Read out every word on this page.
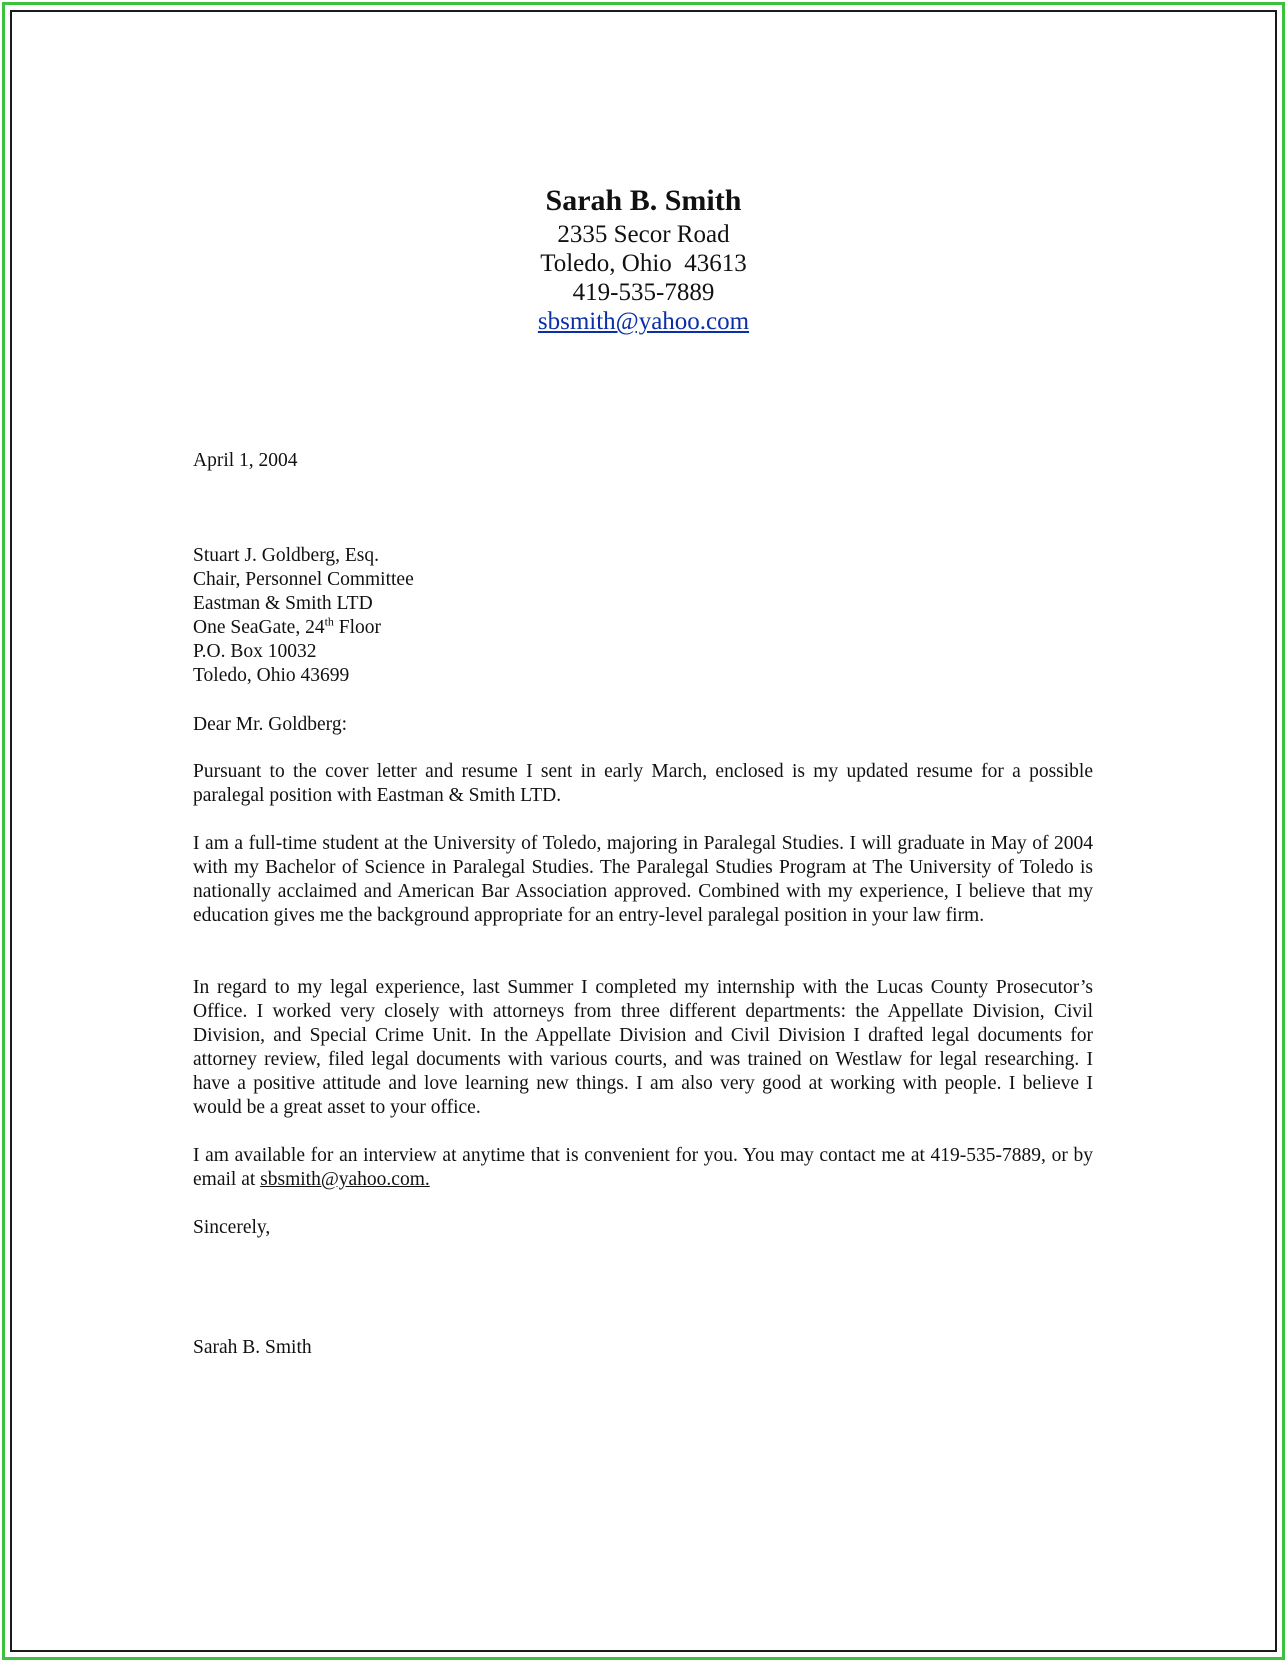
Sarah B. Smith
2335 Secor Road
Toledo, Ohio  43613
419-535-7889
sbsmith@yahoo.com
April 1, 2004
Stuart J. Goldberg, Esq.
Chair, Personnel Committee
Eastman & Smith LTD
One SeaGate, 24th Floor
P.O. Box 10032
Toledo, Ohio 43699
Dear Mr. Goldberg:
Pursuant to the cover letter and resume I sent in early March, enclosed is my updated resume for a possible paralegal position with Eastman & Smith LTD.
I am a full-time student at the University of Toledo, majoring in Paralegal Studies. I will graduate in May of 2004 with my Bachelor of Science in Paralegal Studies. The Paralegal Studies Program at The University of Toledo is nationally acclaimed and American Bar Association approved. Combined with my experience, I believe that my education gives me the background appropriate for an entry-level paralegal position in your law firm.
In regard to my legal experience, last Summer I completed my internship with the Lucas County Prosecutor’s Office. I worked very closely with attorneys from three different departments: the Appellate Division, Civil Division, and Special Crime Unit. In the Appellate Division and Civil Division I drafted legal documents for attorney review, filed legal documents with various courts, and was trained on Westlaw for legal researching. I have a positive attitude and love learning new things. I am also very good at working with people. I believe I would be a great asset to your office.
I am available for an interview at anytime that is convenient for you. You may contact me at 419-535-7889, or by email at sbsmith@yahoo.com.
Sincerely,
Sarah B. Smith
